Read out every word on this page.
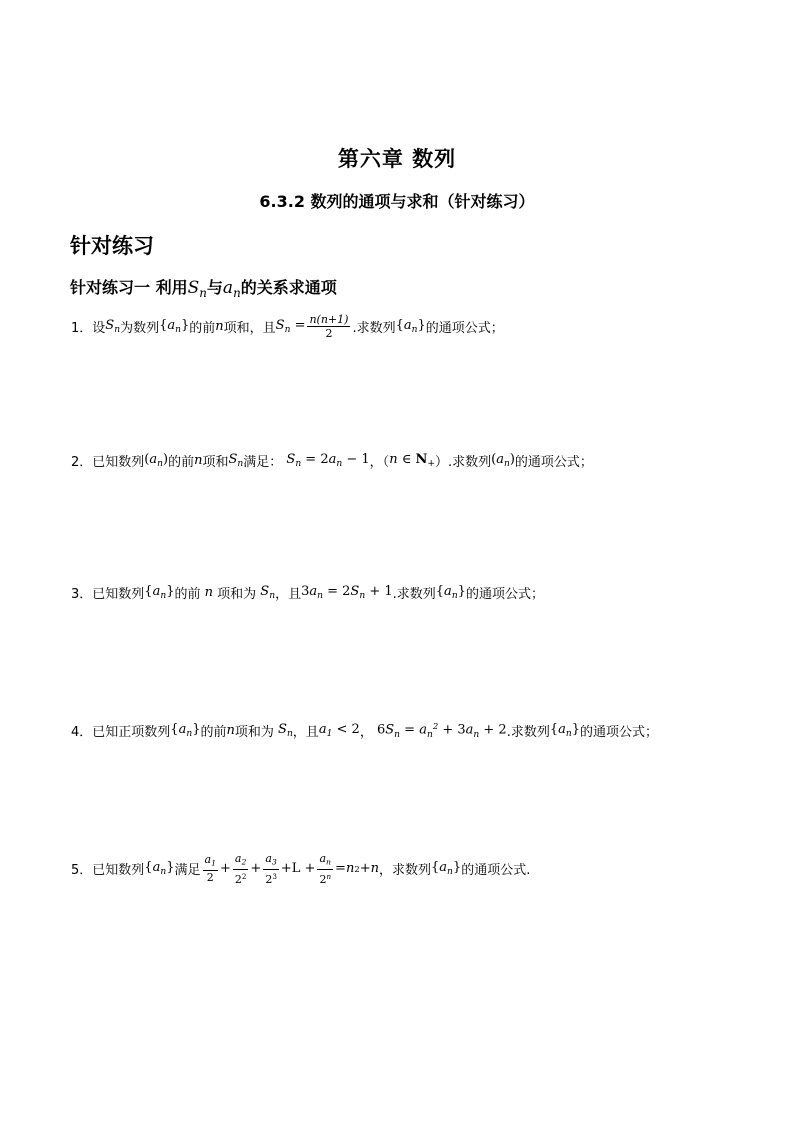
第六章 数列
6.3.2 数列的通项与求和（针对练习）
针对练习
针对练习一 利用$S_n$与$a_n$的关系求通项
1． 设 $S_n$ 为数列 $\{a_n\}$ 的前 n 项和，且 $S_n = \frac{n(n+1)}{2}$ .求数列 $\{a_n\}$ 的通项公式；
2． 已知数列 $(a_n)$ 的前 n 项和 $S_n$ 满足： $S_n = 2a_n - 1$ ，（ n ∈ $N_+$ ）.求数列 $(a_n)$ 的通项公式；
3． 已知数列 $\{a_n\}$ 的前 n 项和为 $S_n$ ，且 $3a_n = 2S_n + 1$ .求数列 $\{a_n\}$ 的通项公式；
4． 已知正项数列 $\{a_n\}$ 的前 n 项和为 $S_n$ ，且 $a_1 < 2$ ， $6S_n = a_n^2 + 3a_n + 2$ .求数列 $\{a_n\}$ 的通项公式；
5． 已知数列 $\{a_n\}$ 满足 $\frac{a_1}{2} + \frac{a_2}{2^2} + \frac{a_3}{2^3} +L + \frac{a_n}{2^n} = n$ 2 + n ，求数列 $\{a_n\}$ 的通项公式.
